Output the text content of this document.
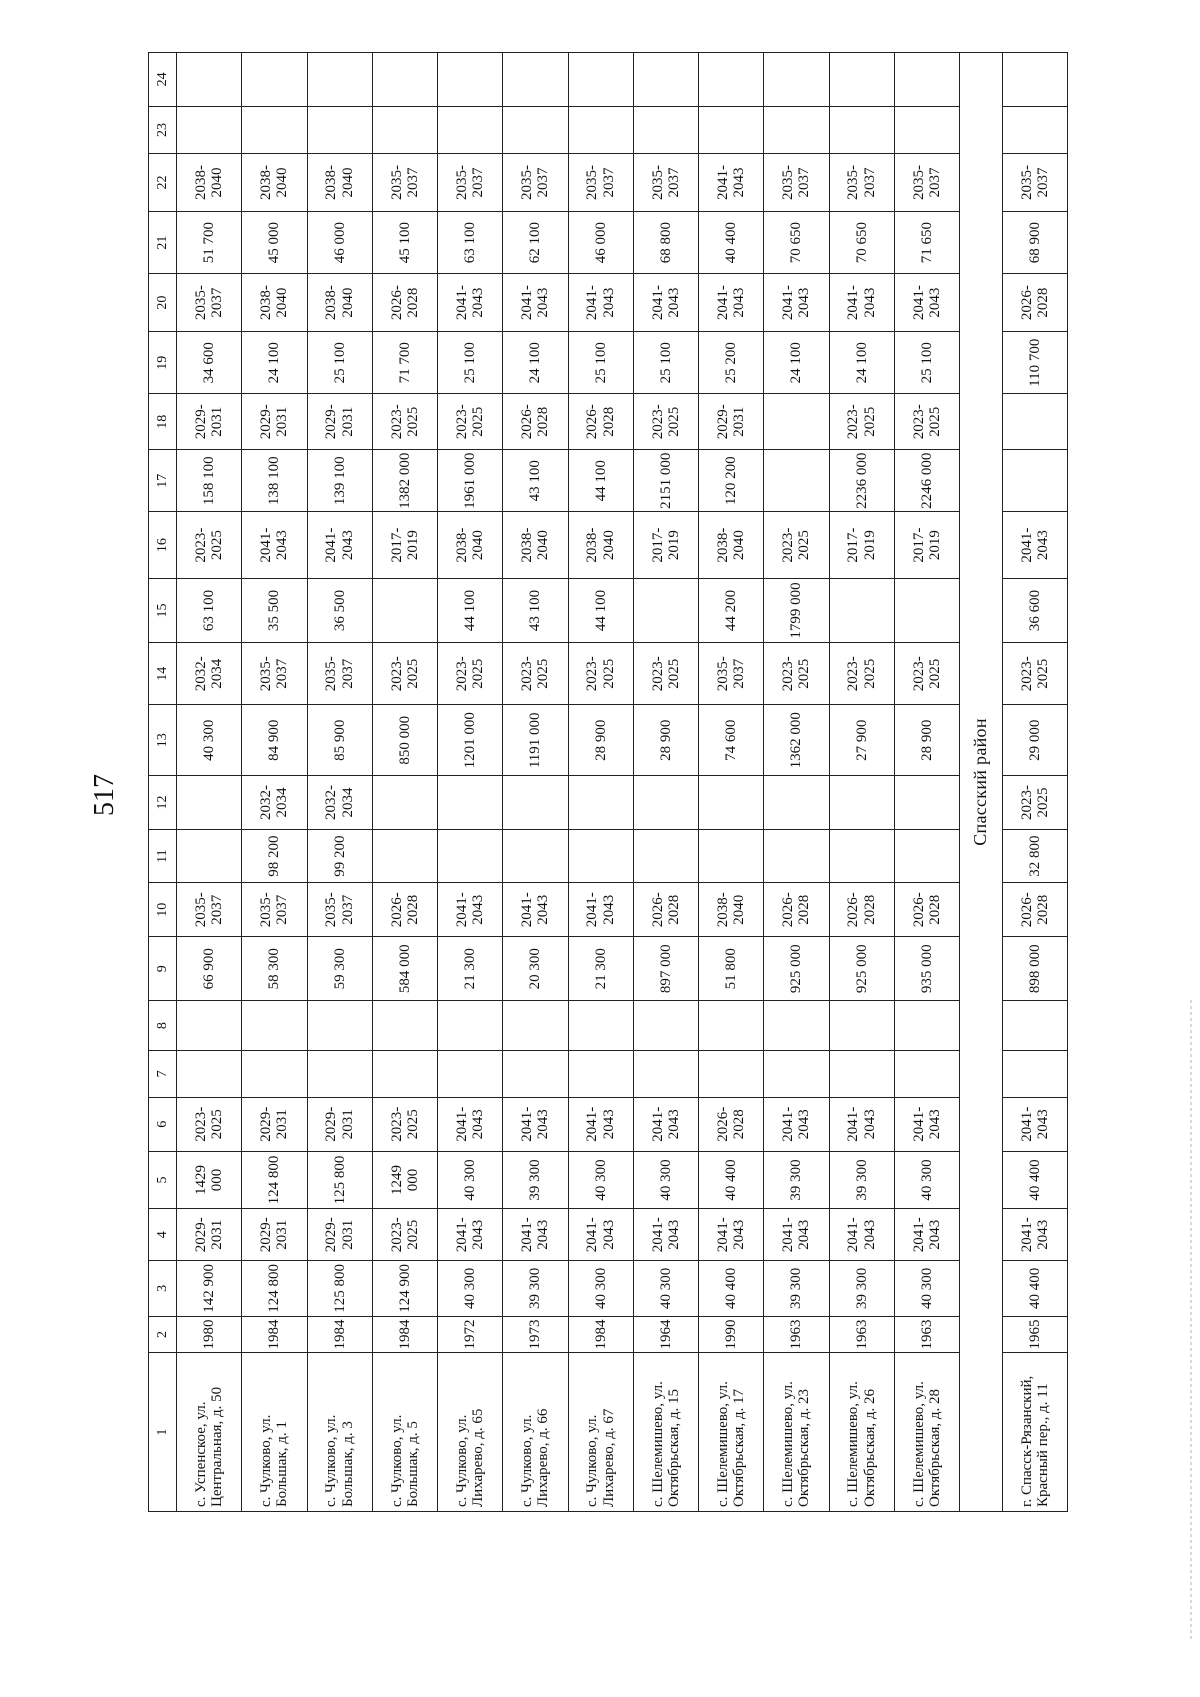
517
1	2	3	4	5	6	7	8	9	10	11	12	13	14	15	16	17	18	19	20	21	22	23	24
с. Успенское, ул. Центральная, д. 50	1980	142 900	2029-2031	1429 000	2023-2025			66 900	2035-2037			40 300	2032-2034	63 100	2023-2025	158 100	2029-2031	34 600	2035-2037	51 700	2038-2040		
с. Чулково, ул. Большак, д. 1	1984	124 800	2029-2031	124 800	2029-2031			58 300	2035-2037	98 200	2032-2034	84 900	2035-2037	35 500	2041-2043	138 100	2029-2031	24 100	2038-2040	45 000	2038-2040		
с. Чулково, ул. Большак, д. 3	1984	125 800	2029-2031	125 800	2029-2031			59 300	2035-2037	99 200	2032-2034	85 900	2035-2037	36 500	2041-2043	139 100	2029-2031	25 100	2038-2040	46 000	2038-2040		
с. Чулково, ул. Большак, д. 5	1984	124 900	2023-2025	1249 000	2023-2025			584 000	2026-2028			850 000	2023-2025		2017-2019	1382 000	2023-2025	71 700	2026-2028	45 100	2035-2037		
с. Чулково, ул. Лихарево, д. 65	1972	40 300	2041-2043	40 300	2041-2043			21 300	2041-2043			1201 000	2023-2025	44 100	2038-2040	1961 000	2023-2025	25 100	2041-2043	63 100	2035-2037		
с. Чулково, ул. Лихарево, д. 66	1973	39 300	2041-2043	39 300	2041-2043			20 300	2041-2043			1191 000	2023-2025	43 100	2038-2040	43 100	2026-2028	24 100	2041-2043	62 100	2035-2037		
с. Чулково, ул. Лихарево, д. 67	1984	40 300	2041-2043	40 300	2041-2043			21 300	2041-2043			28 900	2023-2025	44 100	2038-2040	44 100	2026-2028	25 100	2041-2043	46 000	2035-2037		
с. Шелемишево, ул. Октябрьская, д. 15	1964	40 300	2041-2043	40 300	2041-2043			897 000	2026-2028			28 900	2023-2025		2017-2019	2151 000	2023-2025	25 100	2041-2043	68 800	2035-2037		
с. Шелемишево, ул. Октябрьская, д. 17	1990	40 400	2041-2043	40 400	2026-2028			51 800	2038-2040			74 600	2035-2037	44 200	2038-2040	120 200	2029-2031	25 200	2041-2043	40 400	2041-2043		
с. Шелемишево, ул. Октябрьская, д. 23	1963	39 300	2041-2043	39 300	2041-2043			925 000	2026-2028			1362 000	2023-2025	1799 000	2023-2025			24 100	2041-2043	70 650	2035-2037		
с. Шелемишево, ул. Октябрьская, д. 26	1963	39 300	2041-2043	39 300	2041-2043			925 000	2026-2028			27 900	2023-2025		2017-2019	2236 000	2023-2025	24 100	2041-2043	70 650	2035-2037		
с. Шелемишево, ул. Октябрьская, д. 28	1963	40 300	2041-2043	40 300	2041-2043			935 000	2026-2028			28 900	2023-2025		2017-2019	2246 000	2023-2025	25 100	2041-2043	71 650	2035-2037		
Спасский район																							
г. Спасск-Рязанский, Красный пер., д. 11	1965	40 400	2041-2043	40 400	2041-2043			898 000	2026-2028	32 800	2023-2025	29 000	2023-2025	36 600	2041-2043			110 700	2026-2028	68 900	2035-2037		
